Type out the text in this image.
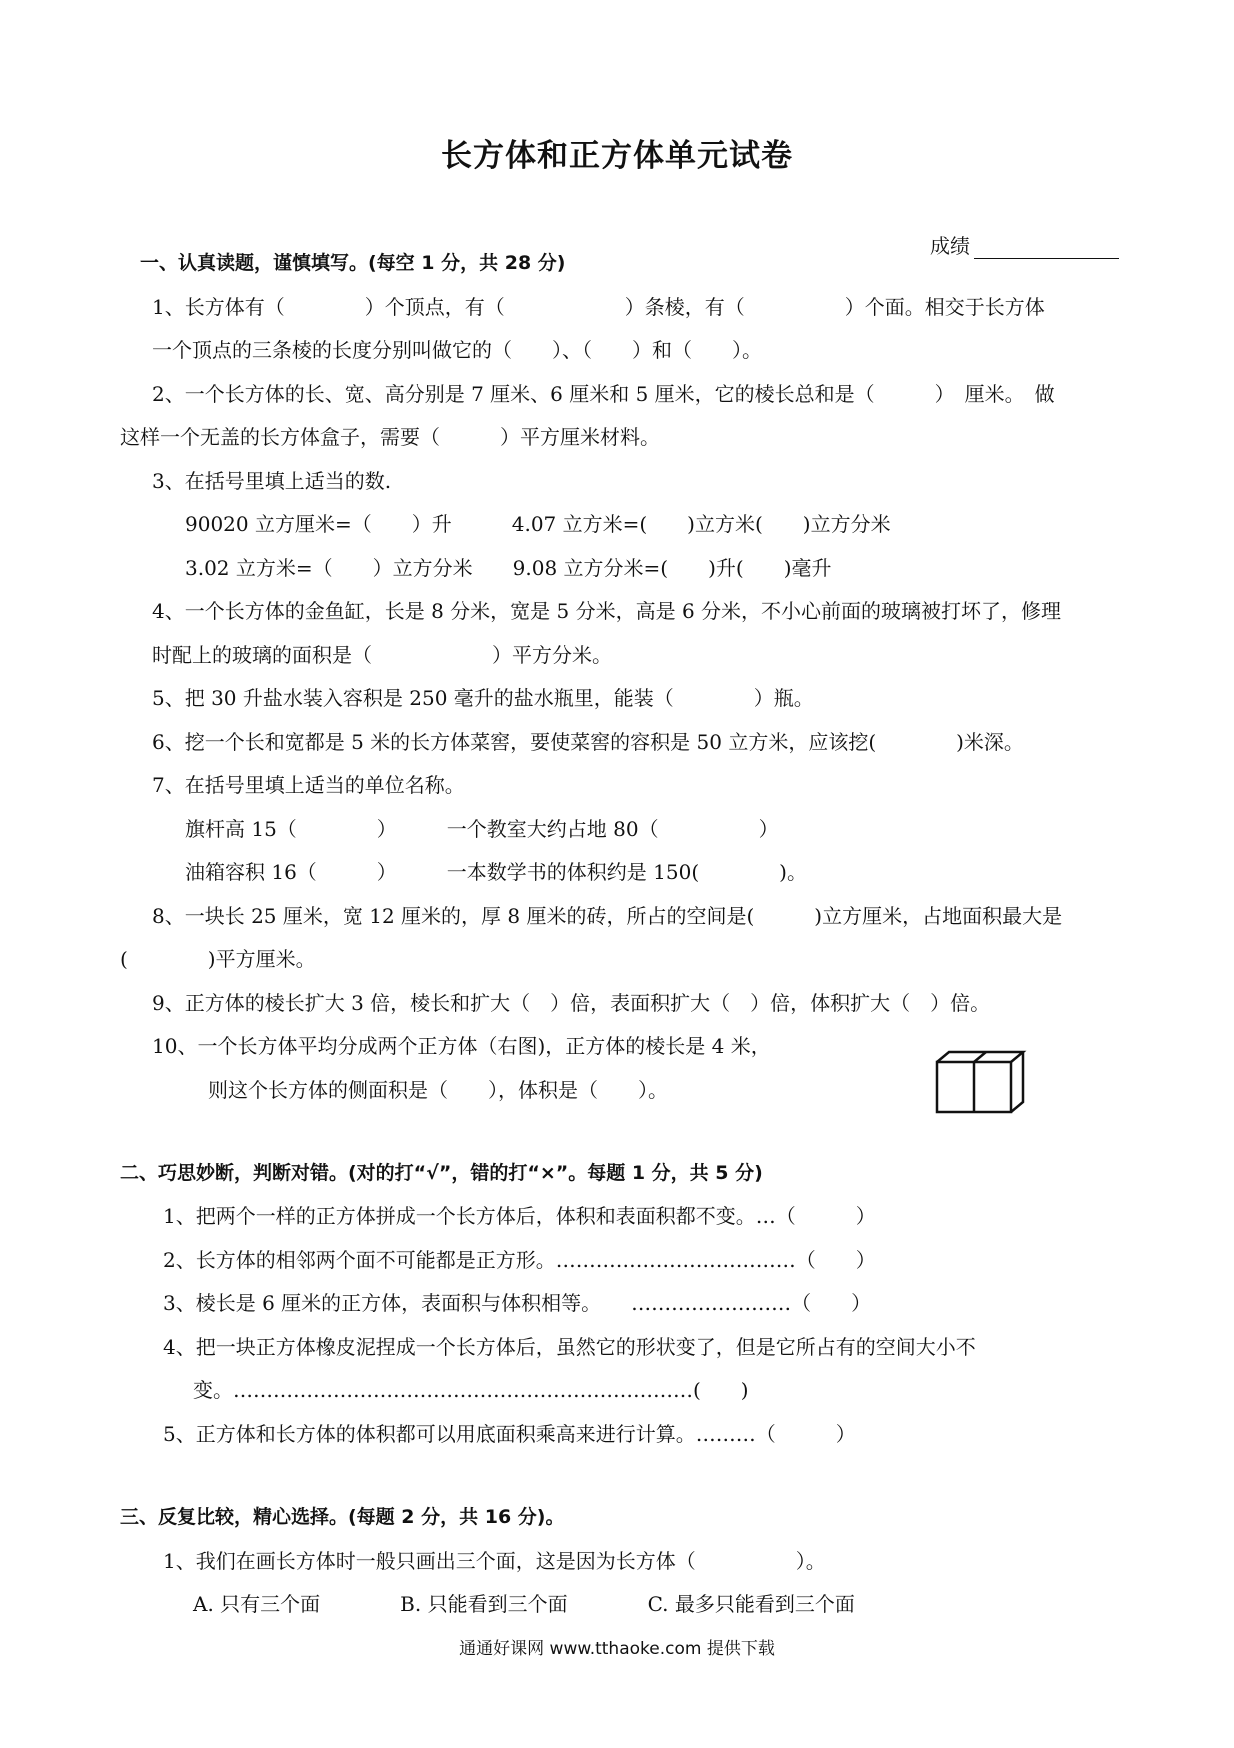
长方体和正方体单元试卷
成绩
一、认真读题，谨慎填写。(每空 1 分，共 28 分)
1、长方体有（　　　　）个顶点，有（　　　　　　）条棱，有（　　　　　）个面。相交于长方体
一个顶点的三条棱的长度分别叫做它的（　　）、（　　）和（　　）。
2、一个长方体的长、宽、高分别是 7 厘米、6 厘米和 5 厘米，它的棱长总和是（　　　）　厘米。　做
这样一个无盖的长方体盒子，需要（　　　）平方厘米材料。
3、在括号里填上适当的数.
90020 立方厘米=（　　）升　　　4.07 立方米=(　　)立方米(　　)立方分米
3.02 立方米=（　　）立方分米　　9.08 立方分米=(　　)升(　　)毫升
4、一个长方体的金鱼缸，长是 8 分米，宽是 5 分米，高是 6 分米，不小心前面的玻璃被打坏了，修理
时配上的玻璃的面积是（　　　　　　）平方分米。
5、把 30 升盐水装入容积是 250 毫升的盐水瓶里，能装（　　　　）瓶。
6、挖一个长和宽都是 5 米的长方体菜窖，要使菜窖的容积是 50 立方米，应该挖(　　　　)米深。
7、在括号里填上适当的单位名称。
旗杆高 15（　　　　）　　　一个教室大约占地 80（　　　　　）
油箱容积 16（　　　）　　　一本数学书的体积约是 150(　　　　)。
8、一块长 25 厘米，宽 12 厘米的，厚 8 厘米的砖，所占的空间是(　　　)立方厘米，占地面积最大是
(　　　　)平方厘米。
9、正方体的棱长扩大 3 倍，棱长和扩大（　）倍，表面积扩大（　）倍，体积扩大（　）倍。
10、一个长方体平均分成两个正方体（右图)，正方体的棱长是 4 米，
则这个长方体的侧面积是（　　），体积是（　　）。
二、巧思妙断，判断对错。(对的打“√”，错的打“×”。每题 1 分，共 5 分)
1、把两个一样的正方体拼成一个长方体后，体积和表面积都不变。…（　　　）
2、长方体的相邻两个面不可能都是正方形。………………………………（　　）
3、棱长是 6 厘米的正方体，表面积与体积相等。　　……………………（　　）
4、把一块正方体橡皮泥捏成一个长方体后，虽然它的形状变了，但是它所占有的空间大小不
变。……………………………………………………………(　　)
5、正方体和长方体的体积都可以用底面积乘高来进行计算。………（　　　）
三、反复比较，精心选择。(每题 2 分，共 16 分)。
1、我们在画长方体时一般只画出三个面，这是因为长方体（　　　　　）。
A. 只有三个面　　　　B. 只能看到三个面　　　　C. 最多只能看到三个面
通通好课网 www.tthaoke.com 提供下载
